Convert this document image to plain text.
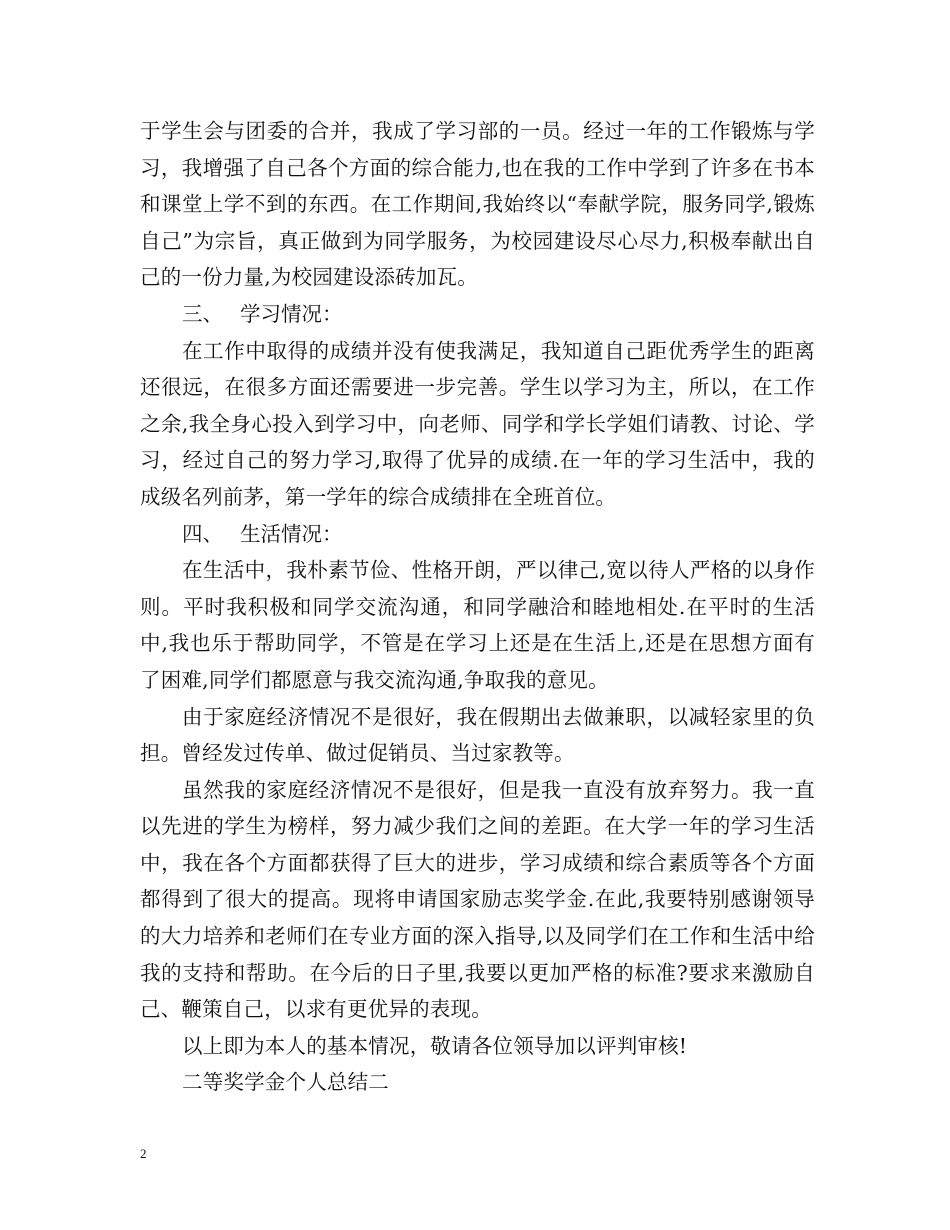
于学生会与团委的合并，我成了学习部的一员。经过一年的工作锻炼与学习，我增强了自己各个方面的综合能力,也在我的工作中学到了许多在书本和课堂上学不到的东西。在工作期间,我始终以“奉献学院，服务同学,锻炼自己”为宗旨，真正做到为同学服务，为校园建设尽心尽力,积极奉献出自己的一份力量,为校园建设添砖加瓦。

三、 学习情况：

在工作中取得的成绩并没有使我满足，我知道自己距优秀学生的距离还很远，在很多方面还需要进一步完善。学生以学习为主，所以，在工作之余,我全身心投入到学习中，向老师、同学和学长学姐们请教、讨论、学习，经过自己的努力学习,取得了优异的成绩.在一年的学习生活中，我的成级名列前茅，第一学年的综合成绩排在全班首位。

四、 生活情况：

在生活中，我朴素节俭、性格开朗，严以律己,宽以待人严格的以身作则。平时我积极和同学交流沟通，和同学融洽和睦地相处.在平时的生活中,我也乐于帮助同学，不管是在学习上还是在生活上,还是在思想方面有了困难,同学们都愿意与我交流沟通,争取我的意见。

由于家庭经济情况不是很好，我在假期出去做兼职，以减轻家里的负担。曾经发过传单、做过促销员、当过家教等。

虽然我的家庭经济情况不是很好，但是我一直没有放弃努力。我一直以先进的学生为榜样，努力减少我们之间的差距。在大学一年的学习生活中，我在各个方面都获得了巨大的进步，学习成绩和综合素质等各个方面都得到了很大的提高。现将申请国家励志奖学金.在此,我要特别感谢领导的大力培养和老师们在专业方面的深入指导,以及同学们在工作和生活中给我的支持和帮助。在今后的日子里,我要以更加严格的标准?要求来激励自己、鞭策自己，以求有更优异的表现。

以上即为本人的基本情况，敬请各位领导加以评判审核!

二等奖学金个人总结二

2
